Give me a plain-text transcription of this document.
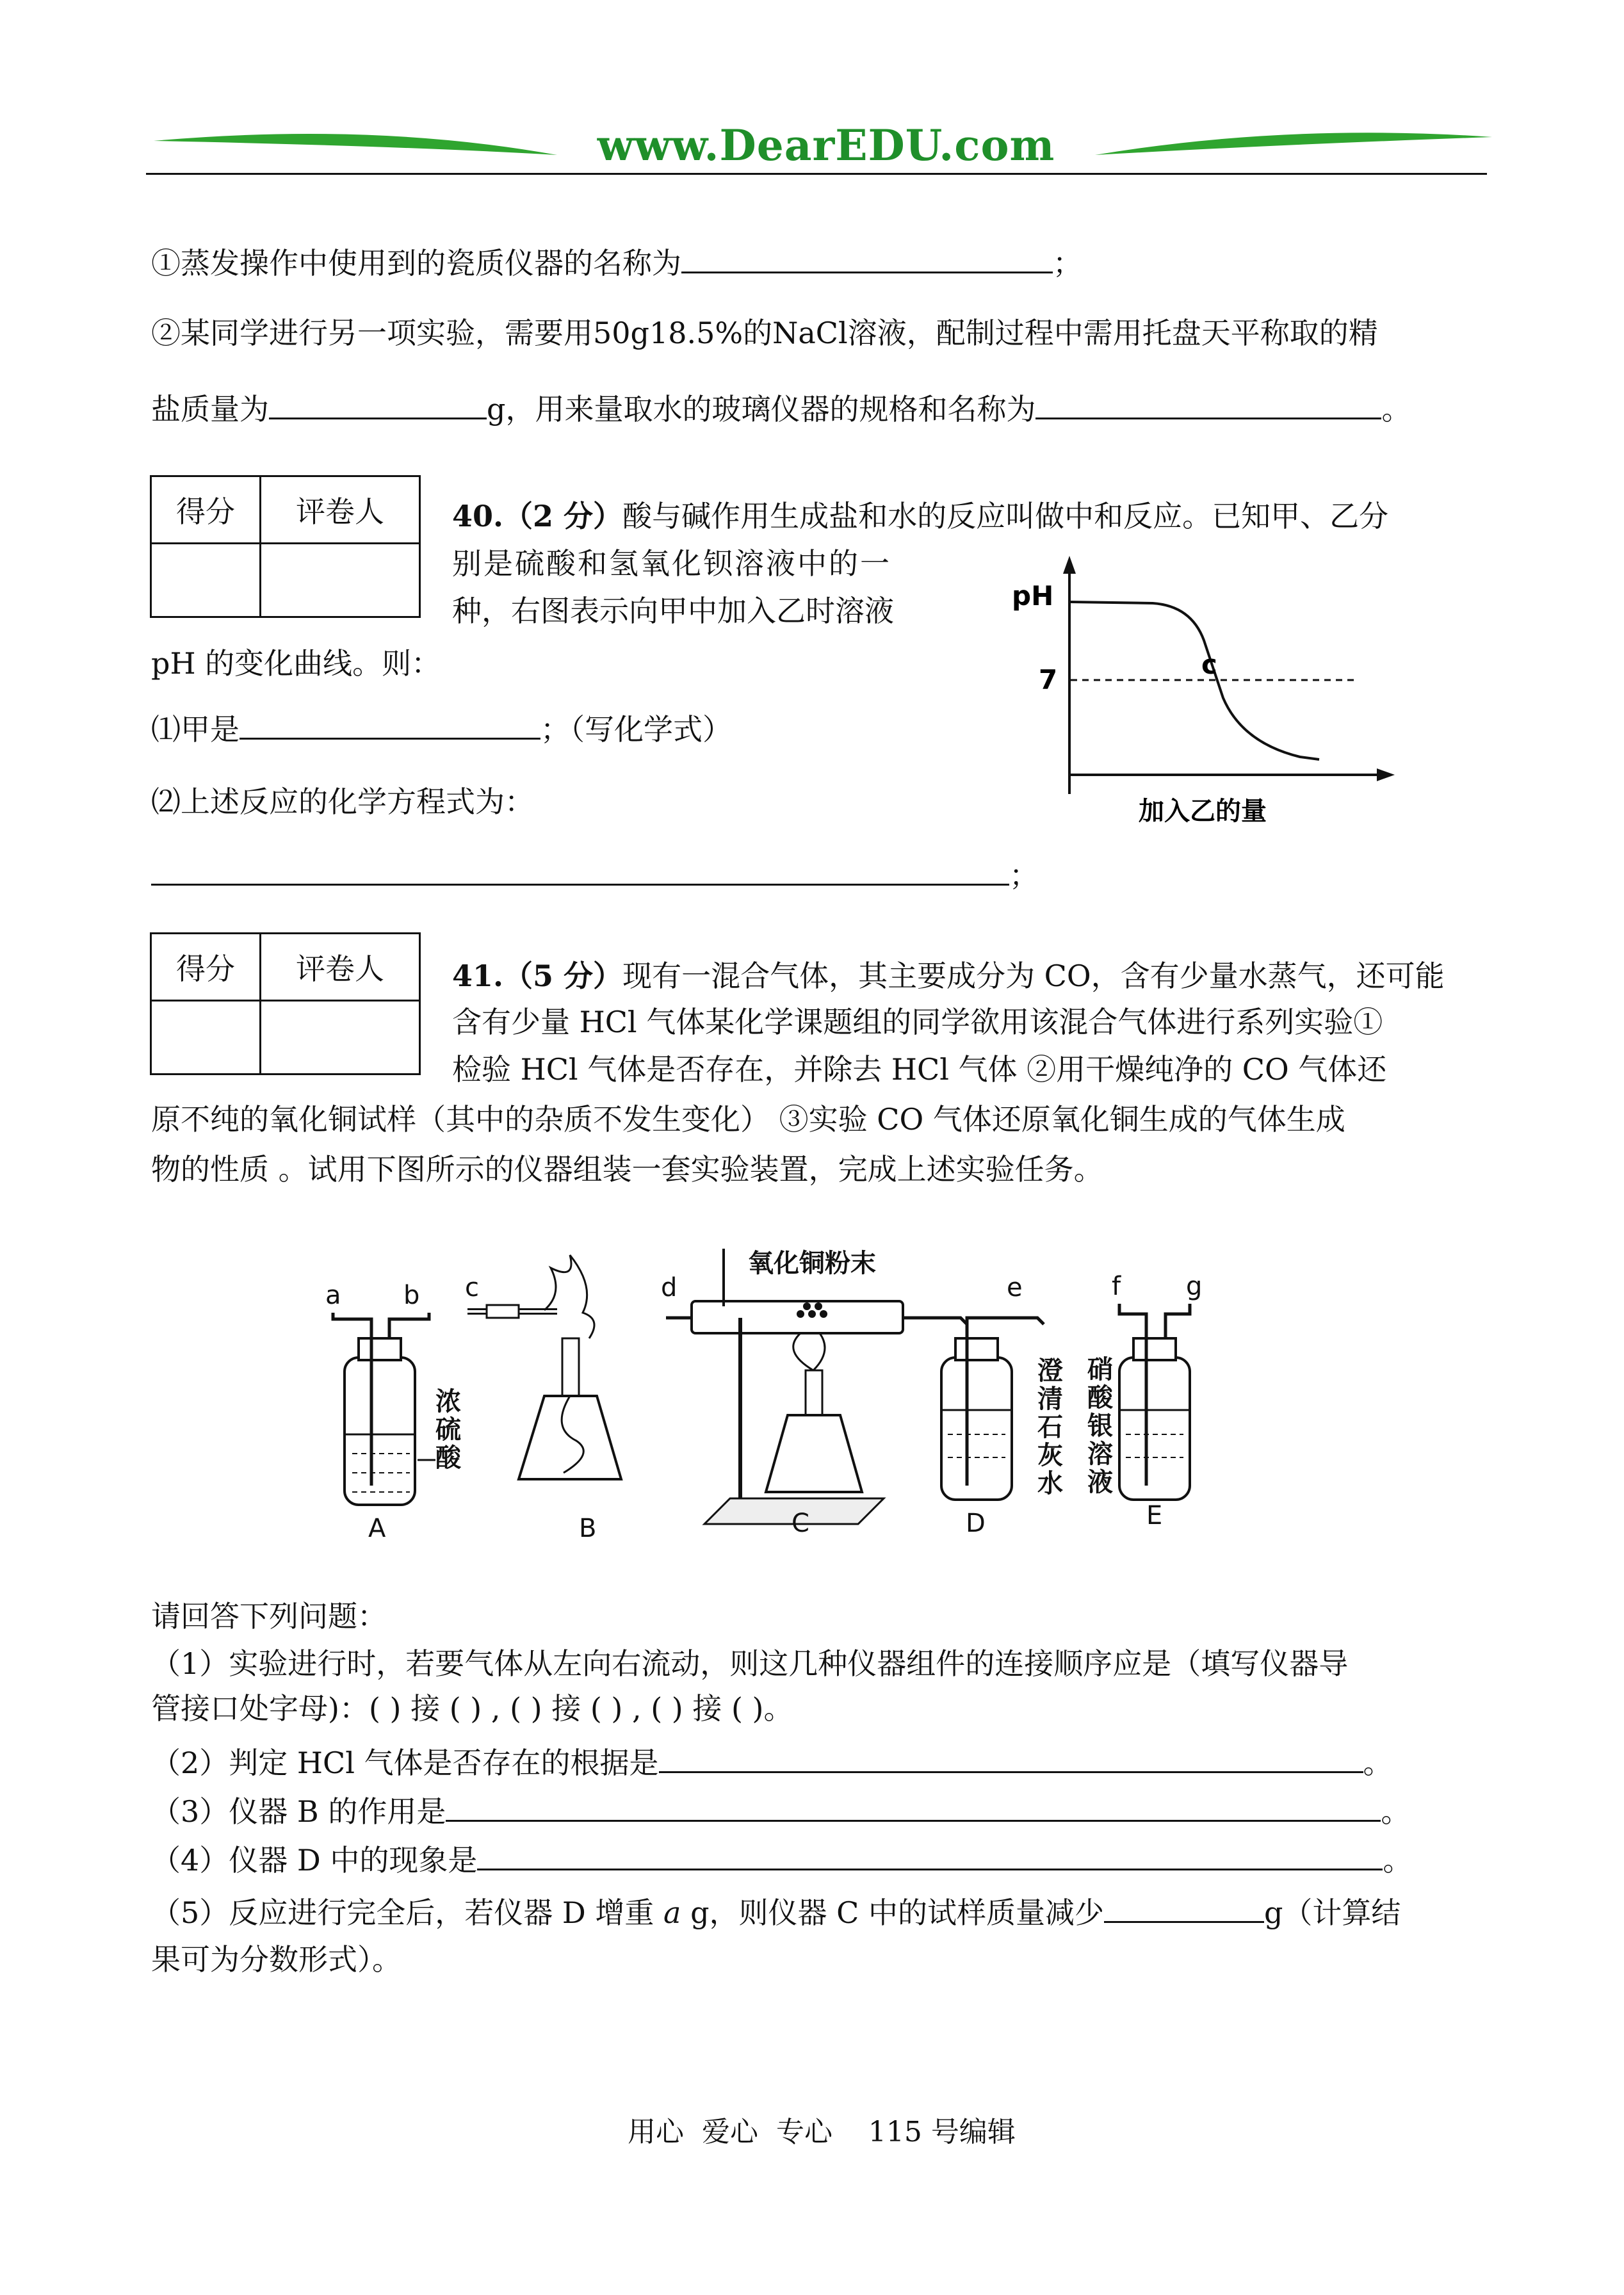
www.DearEDU.com
①蒸发操作中使用到的瓷质仪器的名称为	；
②某同学进行另一项实验，需要用50g18.5%的NaCl溶液，配制过程中需用托盘天平称取的精
盐质量为	g，用来量取水的玻璃仪器的规格和名称为	。
得分	评卷人
	40.（2 分）酸与碱作用生成盐和水的反应叫做中和反应。已知甲、乙分
别是硫酸和氢氧化钡溶液中的一
种，右图表示向甲中加入乙时溶液
pH 的变化曲线。则：
⑴甲是	；（写化学式）
⑵上述反应的化学方程式为：
；
pH
7	c
加入乙的量
得分	评卷人
	41.（5 分）现有一混合气体，其主要成分为 CO，含有少量水蒸气，还可能
含有少量 HCl 气体某化学课题组的同学欲用该混合气体进行系列实验①
检验 HCl 气体是否存在，并除去 HCl 气体 ②用干燥纯净的 CO 气体还
原不纯的氧化铜试样（其中的杂质不发生变化） ③实验 CO 气体还原氧化铜生成的气体生成
物的性质 。试用下图所示的仪器组装一套实验装置，完成上述实验任务。
a b
浓
硫
酸
A
c
B
氧化铜粉末
d	e
C
澄
清
石
灰
水
D
f	g
硝
酸
银
溶
液
E
请回答下列问题：
（1）实验进行时，若要气体从左向右流动，则这几种仪器组件的连接顺序应是（填写仪器导
管接口处字母)：( ) 接 ( ) , ( ) 接 ( ) , ( ) 接 ( )。
（2）判定 HCl 气体是否存在的根据是	。
（3）仪器 B 的作用是	。
（4）仪器 D 中的现象是	。
（5）反应进行完全后，若仪器 D 增重 a g，则仪器 C 中的试样质量减少	g（计算结
果可为分数形式）。
用心  爱心  专心    115 号编辑
